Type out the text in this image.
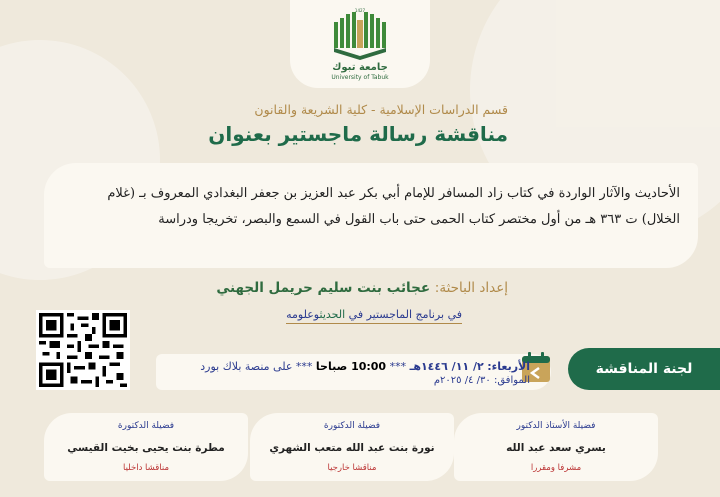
1427
2006
جامعة تبوك
University of Tabuk
قسم الدراسات الإسلامية - كلية الشريعة والقانون
مناقشة رسالة ماجستير بعنوان
الأحاديث والآثار الواردة في كتاب زاد المسافر للإمام أبي بكر عبد العزيز بن جعفر البغدادي المعروف بـ (غلام الخلال) ت ٣٦٣ هـ من أول مختصر كتاب الحمى حتى باب القول في السمع والبصر، تخريجا ودراسة
إعداد الباحثة: عجائب بنت سليم حريمل الجهني
في برنامج الماجستير في الحديثوعلومه
لجنة المناقشة
الأربعاء: ٢/ ١١/ ١٤٤٦هـ *** 10:00 صباحا *** على منصة بلاك بورد
الموافق: ٣٠/ ٤/ ٢٠٢٥م
فضيلة الأستاذ الدكتور
يسري سعد عبد الله
مشرفا ومقررا
فضيلة الدكتورة
نورة بنت عبد الله متعب الشهري
مناقشا خارجيا
فضيلة الدكتورة
مطرة بنت يحيى بخيت القيسي
مناقشا داخليا
